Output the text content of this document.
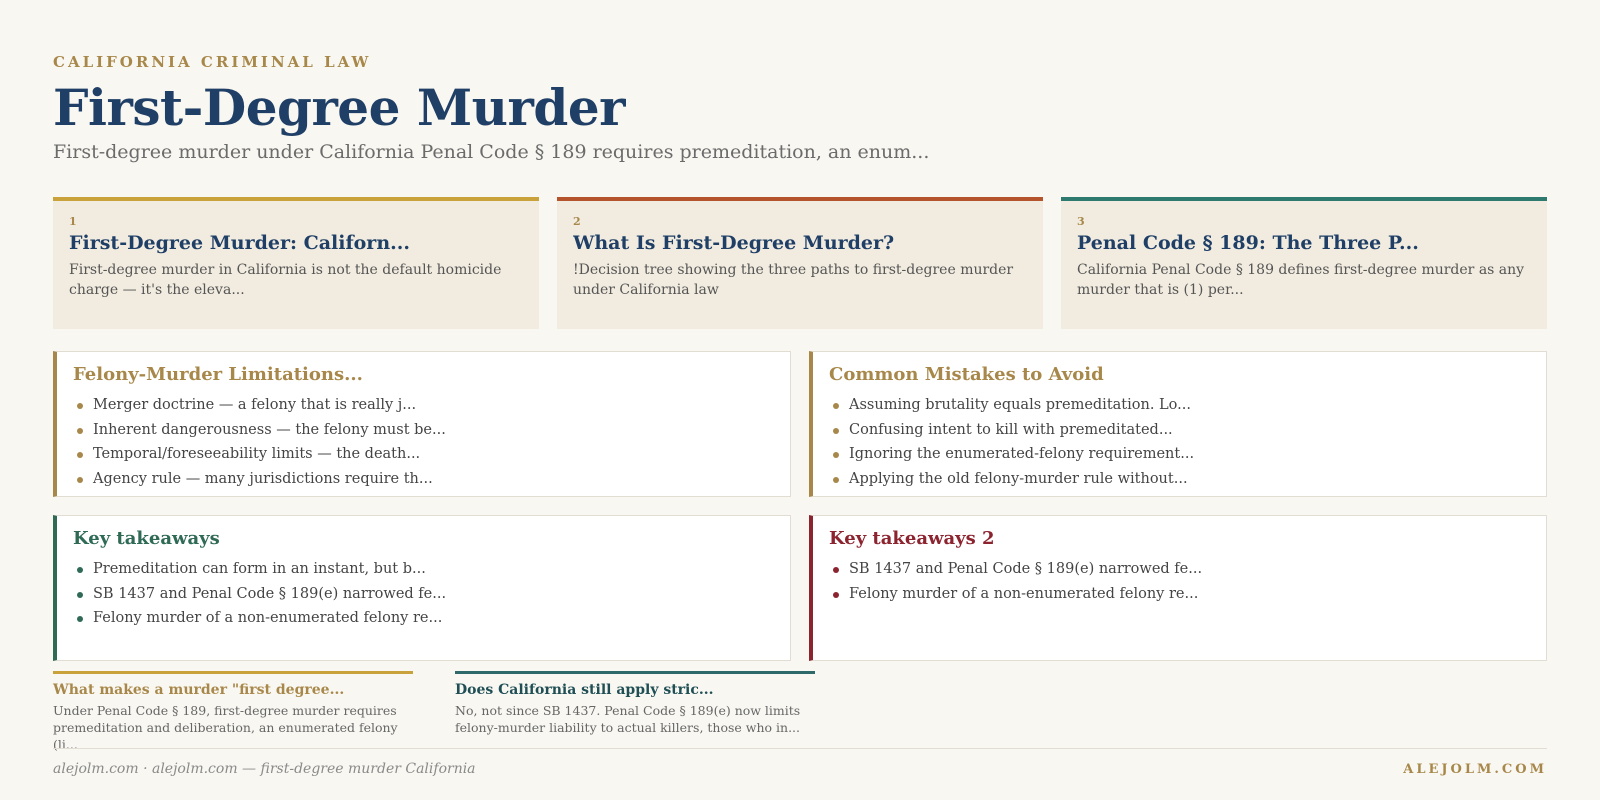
CALIFORNIA CRIMINAL LAW
First-Degree Murder
First-degree murder under California Penal Code § 189 requires premeditation, an enum...
1
First-Degree Murder: Californ...
First-degree murder in California is not the default homicide charge — it's the eleva...
2
What Is First-Degree Murder?
!Decision tree showing the three paths to first-degree murder under California law
3
Penal Code § 189: The Three P...
California Penal Code § 189 defines first-degree murder as any murder that is (1) per...
Felony-Murder Limitations...
Merger doctrine — a felony that is really j...
Inherent dangerousness — the felony must be...
Temporal/foreseeability limits — the death...
Agency rule — many jurisdictions require th...
Common Mistakes to Avoid
Assuming brutality equals premeditation. Lo...
Confusing intent to kill with premeditated...
Ignoring the enumerated-felony requirement...
Applying the old felony-murder rule without...
Key takeaways
Premeditation can form in an instant, but b...
SB 1437 and Penal Code § 189(e) narrowed fe...
Felony murder of a non-enumerated felony re...
Key takeaways 2
SB 1437 and Penal Code § 189(e) narrowed fe...
Felony murder of a non-enumerated felony re...
What makes a murder "first degree...
Under Penal Code § 189, first-degree murder requires premeditation and deliberation, an enumerated felony (li...
Does California still apply stric...
No, not since SB 1437. Penal Code § 189(e) now limits felony-murder liability to actual killers, those who in...
alejolm.com · alejolm.com — first-degree murder California	ALEJOLM.COM
